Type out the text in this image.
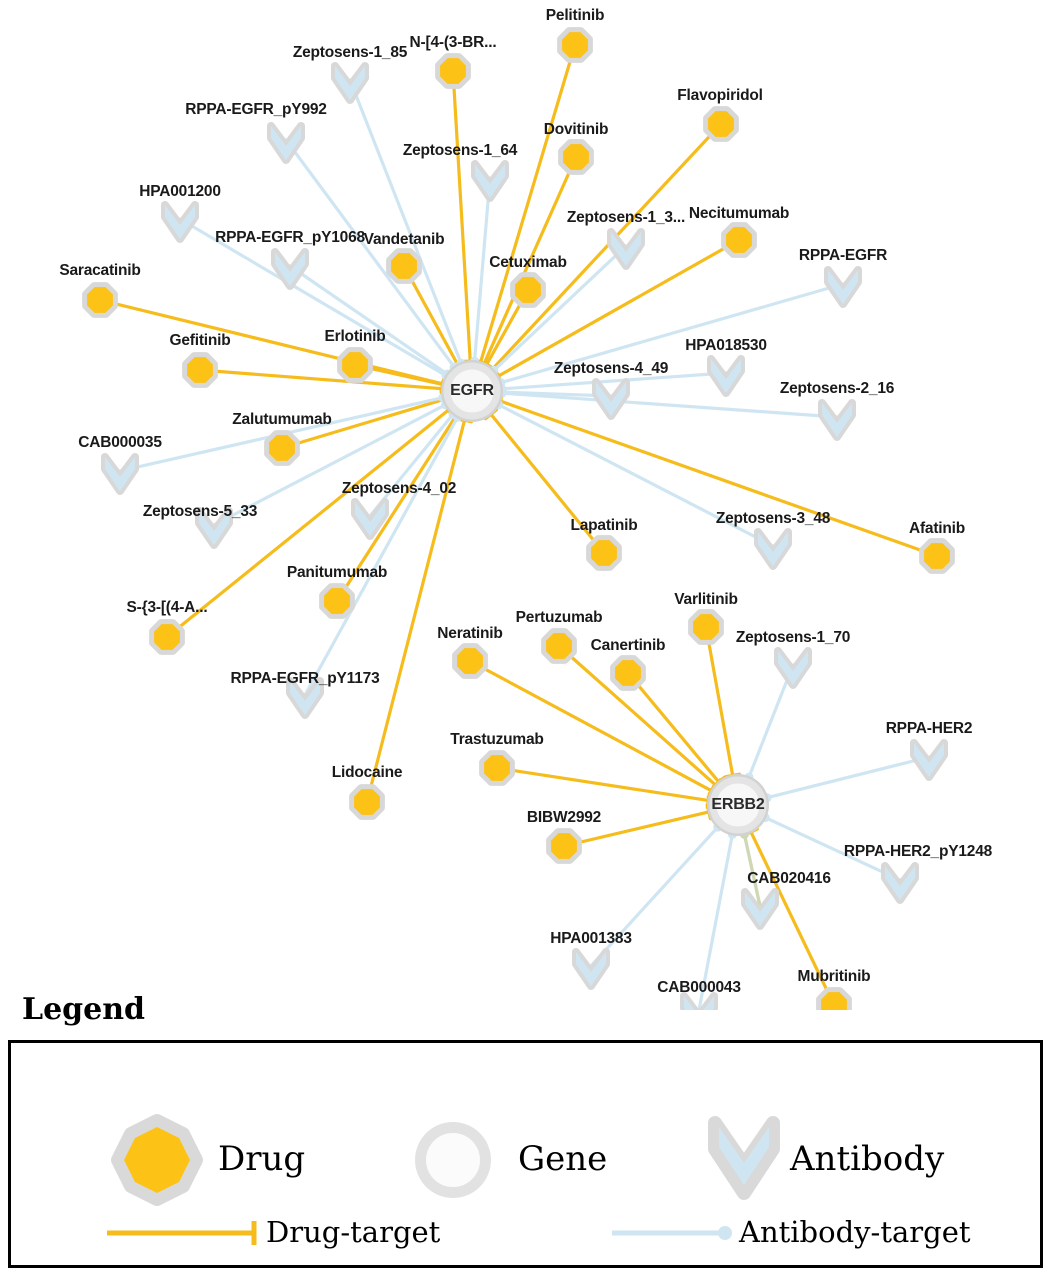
Pelitinib
N-[4-(3-BR...
Flavopiridol
Dovitinib
Necitumumab
Vandetanib
Cetuximab
Saracatinib
Gefitinib	Erlotinib
Zalutumumab
Afatinib
Lapatinib
Varlitinib
Panitumumab
S-{3-[(4-A...
Pertuzumab
Neratinib
Canertinib
Trastuzumab
Lidocaine
BIBW2992
Mubritinib
Zeptosens-1_85
RPPA-EGFR_pY992
Zeptosens-1_64
HPA001200
Zeptosens-1_3...
RPPA-EGFR_pY1068
RPPA-EGFR
HPA018530
Zeptosens-4_49
Zeptosens-2_16
CAB000035
Zeptosens-5_33
Zeptosens-4_02
Zeptosens-3_48
Zeptosens-1_70
RPPA-EGFR_pY1173
RPPA-HER2
RPPA-HER2_pY1248
CAB020416
HPA001383
CAB000043
EGFR
ERBB2
Legend
Drug	Gene	Antibody
Drug-target	Antibody-target
